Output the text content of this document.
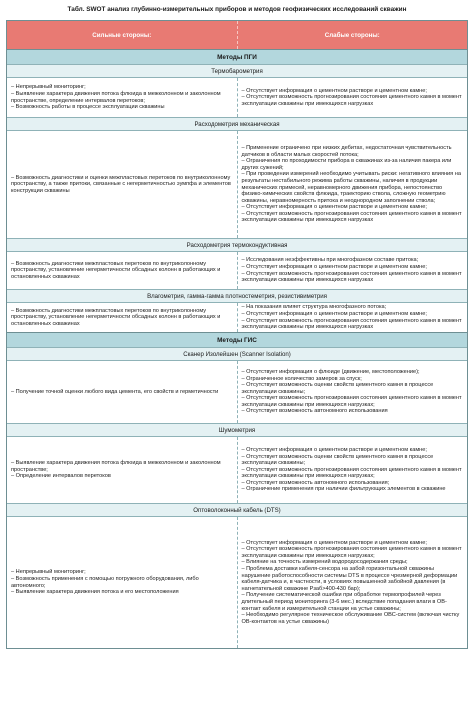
Табл. SWOT анализ глубинно-измерительных приборов и методов геофизических исследований скважин
Сильные стороны:	Слабые стороны:
Методы ПГИ
Термобарометрия
– Непрерывный мониторинг;
– Выявление характера движения потока флюида в межколонном и заколонном пространстве, определение интервалов перетоков;
– Возможность работы в процессе эксплуатации скважины
– Отсутствует информация о цементном растворе и цементном камне;
– Отсутствует возможность прогнозирования состояния цементного камня в момент эксплуатации скважины при имеющихся нагрузках
Расходометрия механическая
– Возможность диагностики и оценки межпластовых перетоков по внутриколонному пространству, а также притоки, связанные с негерметичностью эумпфа и элементов конструкции скважины
– Применение ограничено при низких дебитах, недостаточная чувствительность датчиков в области малых скоростей потока;
– Ограничения по проходимости прибора в скважинах из-за наличия пакера или других сужений;
– При проведении измерений необходимо учитывать риски: негативного влияния на результаты нестабильного режима работы скважины, наличия в продукции механических примесей, неравномерного движения прибора, непостоянство физико-химических свойств флюида, траекторию ствола, сложную геометрию скважины, неравномерность притока и неоднородном заполнении ствола;
– Отсутствует информация о цементном растворе и цементном камне;
– Отсутствует возможность прогнозирования состояния цементного камня в момент эксплуатации скважины при имеющихся нагрузках
Расходометрия термокондуктивная
– Возможность диагностики межпластовых перетоков по внутриколонному пространству, установление негерметичности обсадных колонн в работающих и остановленных скважинах
– Исследования неэффективны при многофазном составе притока;
– Отсутствует информация о цементном растворе и цементном камне;
– Отсутствует возможность прогнозирования состояния цементного камня в момент эксплуатации скважины при имеющихся нагрузках
Влагометрия, гамма-гамма плотностеметрия, резистивиметрия
– Возможность диагностики межпластовых перетоков по внутриколонному пространству, установление негерметичности обсадных колонн в работающих и остановленных скважинах
– На показания влияет структура многофазного потока;
– Отсутствует информация о цементном растворе и цементном камне;
– Отсутствует возможность прогнозирования состояния цементного камня в момент эксплуатации скважины при имеющихся нагрузках
Методы ГИС
Сканер Изолейшен (Scanner Isolation)
– Получение точной оценки любого вида цемента, его свойств и герметичности
– Отсутствует информация о флюиде (движение, местоположение);
– Ограниченное количество замеров за спуск;
– Отсутствует возможность оценки свойств цементного камня в процессе эксплуатации скважины;
– Отсутствует возможность прогнозирования состояния цементного камня в момент эксплуатации скважины при имеющихся нагрузках;
– Отсутствует возможность автономного использования
Шумометрия
– Выявление характера движения потока флюида в межколонном и заколонном пространстве;
– Определение интервалов перетоков
– Отсутствует информация о цементном растворе и цементном камне;
– Отсутствует возможность оценки свойств цементного камня в процессе эксплуатации скважины;
– Отсутствует возможность прогнозирования состояния цементного камня в момент эксплуатации скважины при имеющихся нагрузках;
– Отсутствует возможность автономного использования;
– Ограничение применения при наличии фильтрующих элементов в скважине
Оптоволоконный кабель (DTS)
– Непрерывный мониторинг;
– Возможность применения с помощью погружного оборудования, либо автономного;
– Выявление характера движения потока и его местоположения
– Отсутствует информация о цементном растворе и цементном камне;
– Отсутствует возможность прогнозирования состояния цементного камня в момент эксплуатации скважины при имеющихся нагрузках;
– Влияние на точность измерений водородосодержания среды;
– Проблема доставки кабеля-сенсора на забой горизонтальной скважины нарушение работоспособности системы DTS в процессе чрезмерной деформации кабеля-датчика и, в частности, в условиях повышенной забойной давления (в нагнетательной скважине Рзаб>400-430 бар);
– Получение систематической ошибки при обработке термопрофилей через длительный период мониторинга (3-6 мес.) вследствие попадания влаги в ОВ-контакт кабеля и измерительной станции на устье скважины;
– Необходимо регулярное техническое обслуживание ОВС-систем (включая чистку ОВ-контактов на устье скважины)
